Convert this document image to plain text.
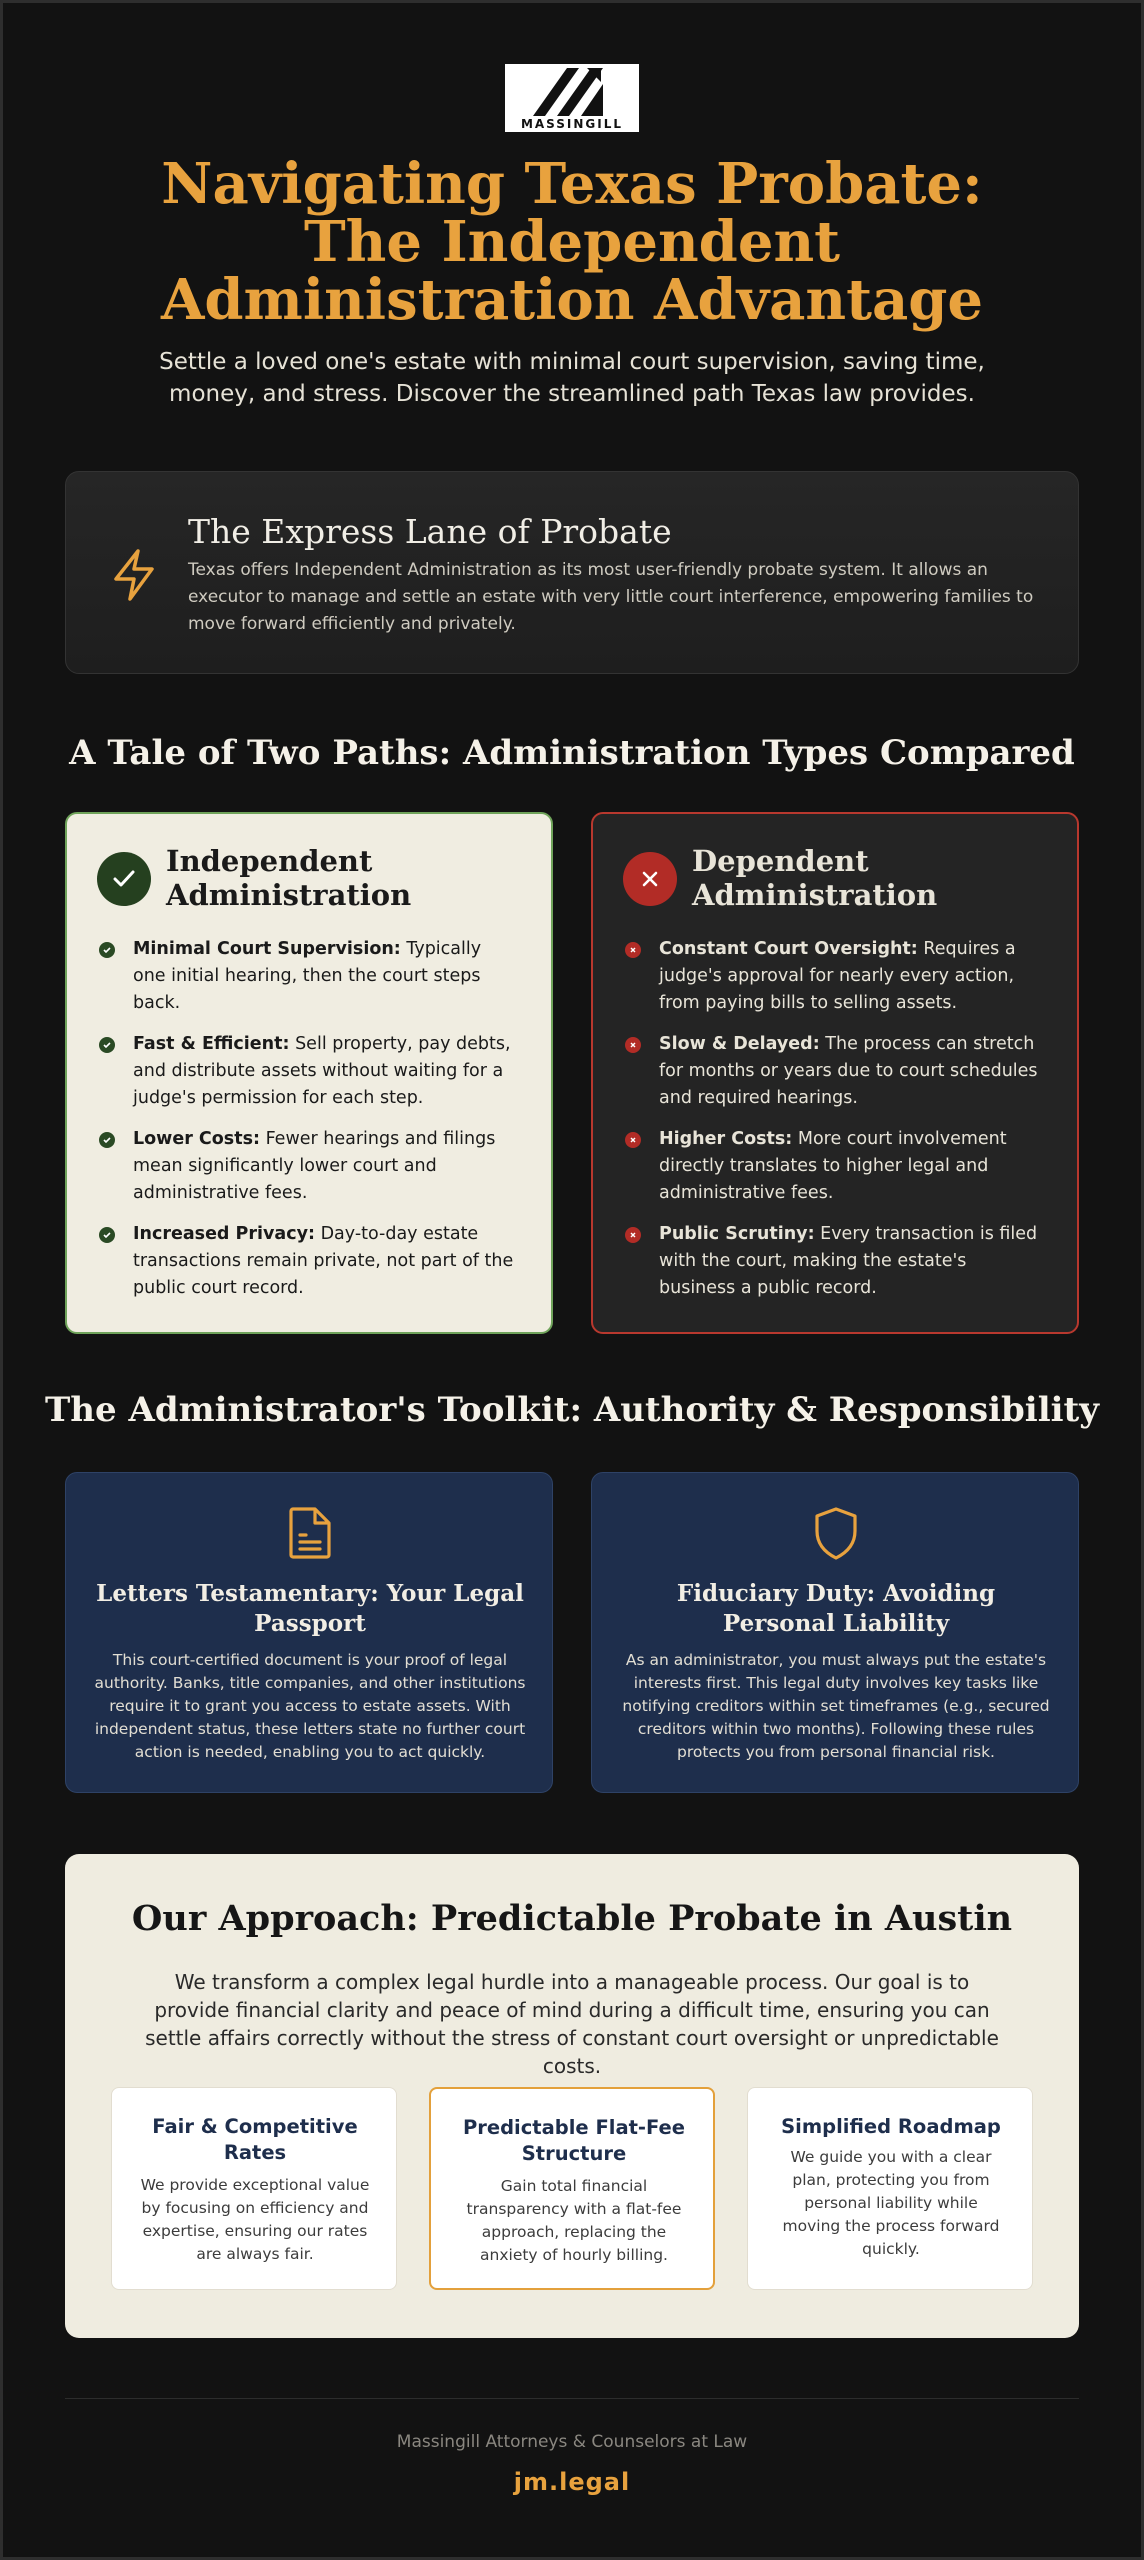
MASSINGILL
Navigating Texas Probate: The Independent Administration Advantage

Settle a loved one's estate with minimal court supervision, saving time, money, and stress. Discover the streamlined path Texas law provides.

The Express Lane of Probate

Texas offers Independent Administration as its most user-friendly probate system. It allows an executor to manage and settle an estate with very little court interference, empowering families to move forward efficiently and privately.

A Tale of Two Paths: Administration Types Compared
Independent Administration
Minimal Court Supervision: Typically one initial hearing, then the court steps back.
Fast & Efficient: Sell property, pay debts, and distribute assets without waiting for a judge's permission for each step.
Lower Costs: Fewer hearings and filings mean significantly lower court and administrative fees.
Increased Privacy: Day-to-day estate transactions remain private, not part of the public court record.
Dependent Administration
Constant Court Oversight: Requires a judge's approval for nearly every action, from paying bills to selling assets.
Slow & Delayed: The process can stretch for months or years due to court schedules and required hearings.
Higher Costs: More court involvement directly translates to higher legal and administrative fees.
Public Scrutiny: Every transaction is filed with the court, making the estate's business a public record.
The Administrator's Toolkit: Authority & Responsibility
Letters Testamentary: Your Legal Passport

This court-certified document is your proof of legal authority. Banks, title companies, and other institutions require it to grant you access to estate assets. With independent status, these letters state no further court action is needed, enabling you to act quickly.

Fiduciary Duty: Avoiding Personal Liability

As an administrator, you must always put the estate's interests first. This legal duty involves key tasks like notifying creditors within set timeframes (e.g., secured creditors within two months). Following these rules protects you from personal financial risk.

Our Approach: Predictable Probate in Austin

We transform a complex legal hurdle into a manageable process. Our goal is to provide financial clarity and peace of mind during a difficult time, ensuring you can settle affairs correctly without the stress of constant court oversight or unpredictable costs.

Fair & Competitive Rates

We provide exceptional value by focusing on efficiency and expertise, ensuring our rates are always fair.

Predictable Flat-Fee Structure

Gain total financial transparency with a flat-fee approach, replacing the anxiety of hourly billing.

Simplified Roadmap

We guide you with a clear plan, protecting you from personal liability while moving the process forward quickly.

Massingill Attorneys & Counselors at Law
jm.legal
